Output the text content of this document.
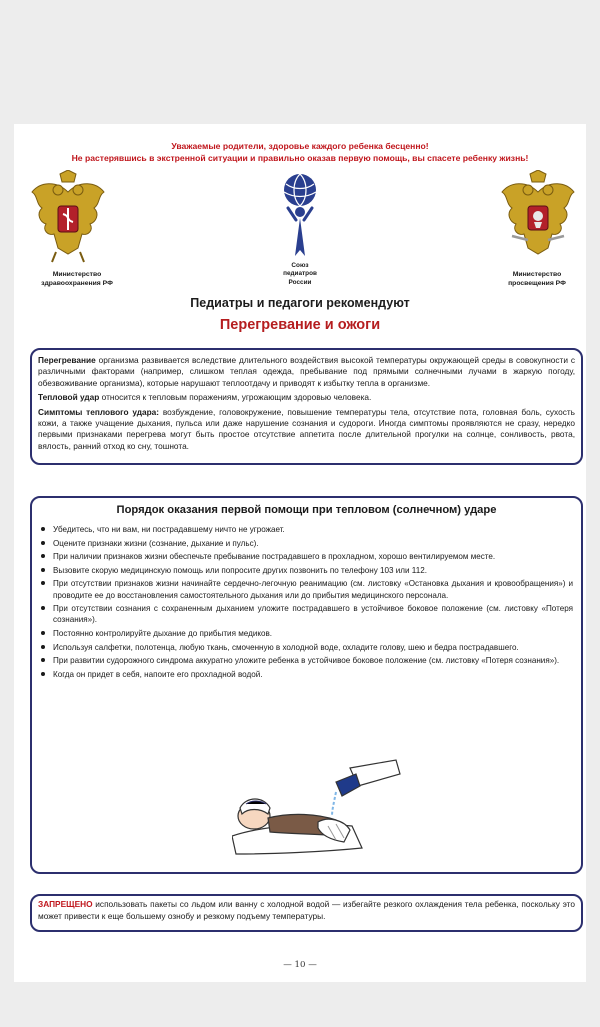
Уважаемые родители, здоровье каждого ребенка бесценно!
Не растерявшись в экстренной ситуации и правильно оказав первую помощь, вы спасете ребенку жизнь!
Министерство
здравоохранения РФ
Союз
педиатров
России
Министерство
просвещения РФ
Педиатры и педагоги рекомендуют
Перегревание и ожоги

Перегревание организма развивается вследствие длительного воздействия высокой температуры окружающей среды в совокупности с различными факторами (например, слишком теплая одежда, пребывание под прямыми солнечными лучами в жаркую погоду, обезвоживание организма), которые нарушают теплоотдачу и приводят к избытку тепла в организме.

Тепловой удар относится к тепловым поражениям, угрожающим здоровью человека.

Симптомы теплового удара: возбуждение, головокружение, повышение температуры тела, отсутствие пота, головная боль, сухость кожи, а также учащение дыхания, пульса или даже нарушение сознания и судороги. Иногда симптомы проявляются не сразу, нередко первыми признаками перегрева могут быть простое отсутствие аппетита после длительной прогулки на солнце, сонливость, рвота, вялость, ранний отход ко сну, тошнота.

Порядок оказания первой помощи при тепловом (солнечном) ударе
Убедитесь, что ни вам, ни пострадавшему ничто не угрожает.
Оцените признаки жизни (сознание, дыхание и пульс).
При наличии признаков жизни обеспечьте пребывание пострадавшего в прохладном, хорошо вентилируемом месте.
Вызовите скорую медицинскую помощь или попросите других позвонить по телефону 103 или 112.
При отсутствии признаков жизни начинайте сердечно-легочную реанимацию (см. листовку «Остановка дыхания и кровообращения») и проводите ее до восстановления самостоятельного дыхания или до прибытия медицинского персонала.
При отсутствии сознания с сохраненным дыханием уложите пострадавшего в устойчивое боковое положение (см. листовку «Потеря сознания»).
Постоянно контролируйте дыхание до прибытия медиков.
Используя салфетки, полотенца, любую ткань, смоченную в холодной воде, охладите голову, шею и бедра пострадавшего.
При развитии судорожного синдрома аккуратно уложите ребенка в устойчивое боковое положение (см. листовку «Потеря сознания»).
Когда он придет в себя, напоите его прохладной водой.

ЗАПРЕЩЕНО использовать пакеты со льдом или ванну с холодной водой — избегайте резкого охлаждения тела ребенка, поскольку это может привести к еще большему ознобу и резкому подъему температуры.

— 10 —
